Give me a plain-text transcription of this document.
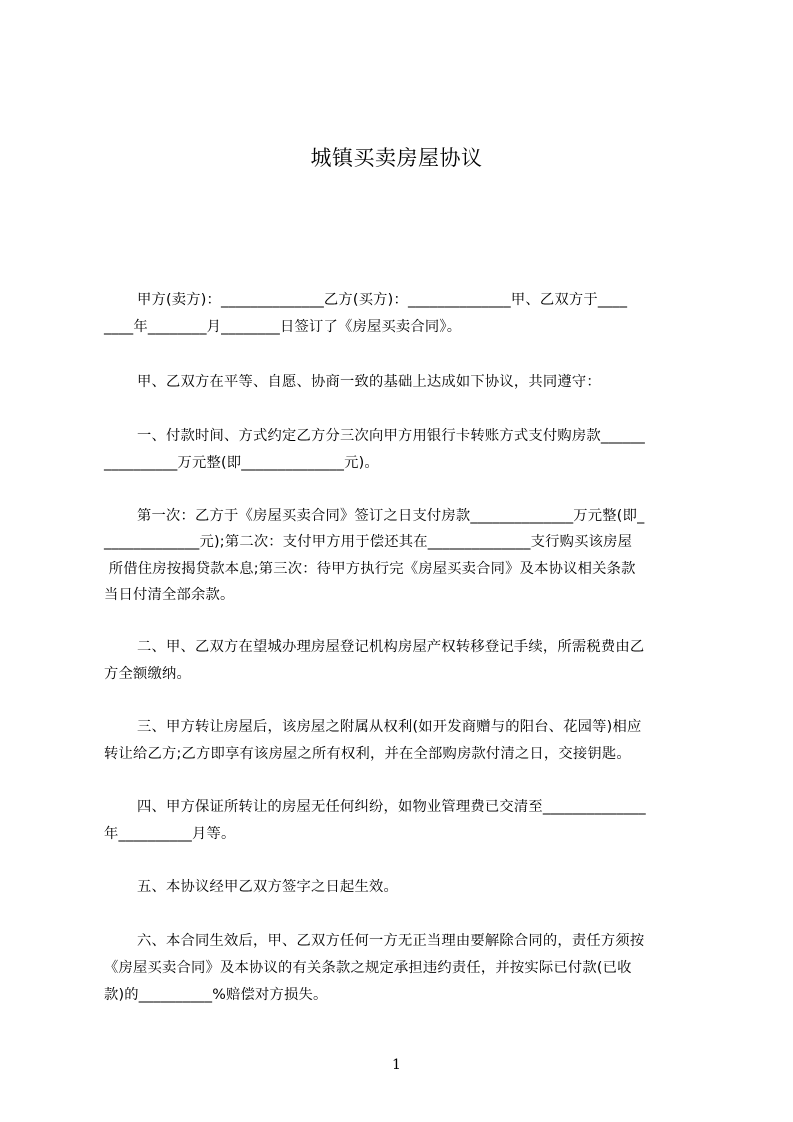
城镇买卖房屋协议
甲方(卖方)：______________乙方(买方)：______________甲、乙双方于____
____年________月________日签订了《房屋买卖合同》。
甲、乙双方在平等、自愿、协商一致的基础上达成如下协议，共同遵守：
一、付款时间、方式约定乙方分三次向甲方用银行卡转账方式支付购房款______
__________万元整(即______________元)。
第一次：乙方于《房屋买卖合同》签订之日支付房款______________万元整(即_
_____________元);第二次：支付甲方用于偿还其在______________支行购买该房屋
所借住房按揭贷款本息;第三次：待甲方执行完《房屋买卖合同》及本协议相关条款
当日付清全部余款。
二、甲、乙双方在望城办理房屋登记机构房屋产权转移登记手续，所需税费由乙
方全额缴纳。
三、甲方转让房屋后，该房屋之附属从权利(如开发商赠与的阳台、花园等)相应
转让给乙方;乙方即享有该房屋之所有权利，并在全部购房款付清之日，交接钥匙。
四、甲方保证所转让的房屋无任何纠纷，如物业管理费已交清至______________
年__________月等。
五、本协议经甲乙双方签字之日起生效。
六、本合同生效后，甲、乙双方任何一方无正当理由要解除合同的，责任方须按
《房屋买卖合同》及本协议的有关条款之规定承担违约责任，并按实际已付款(已收
款)的__________%赔偿对方损失。
1
